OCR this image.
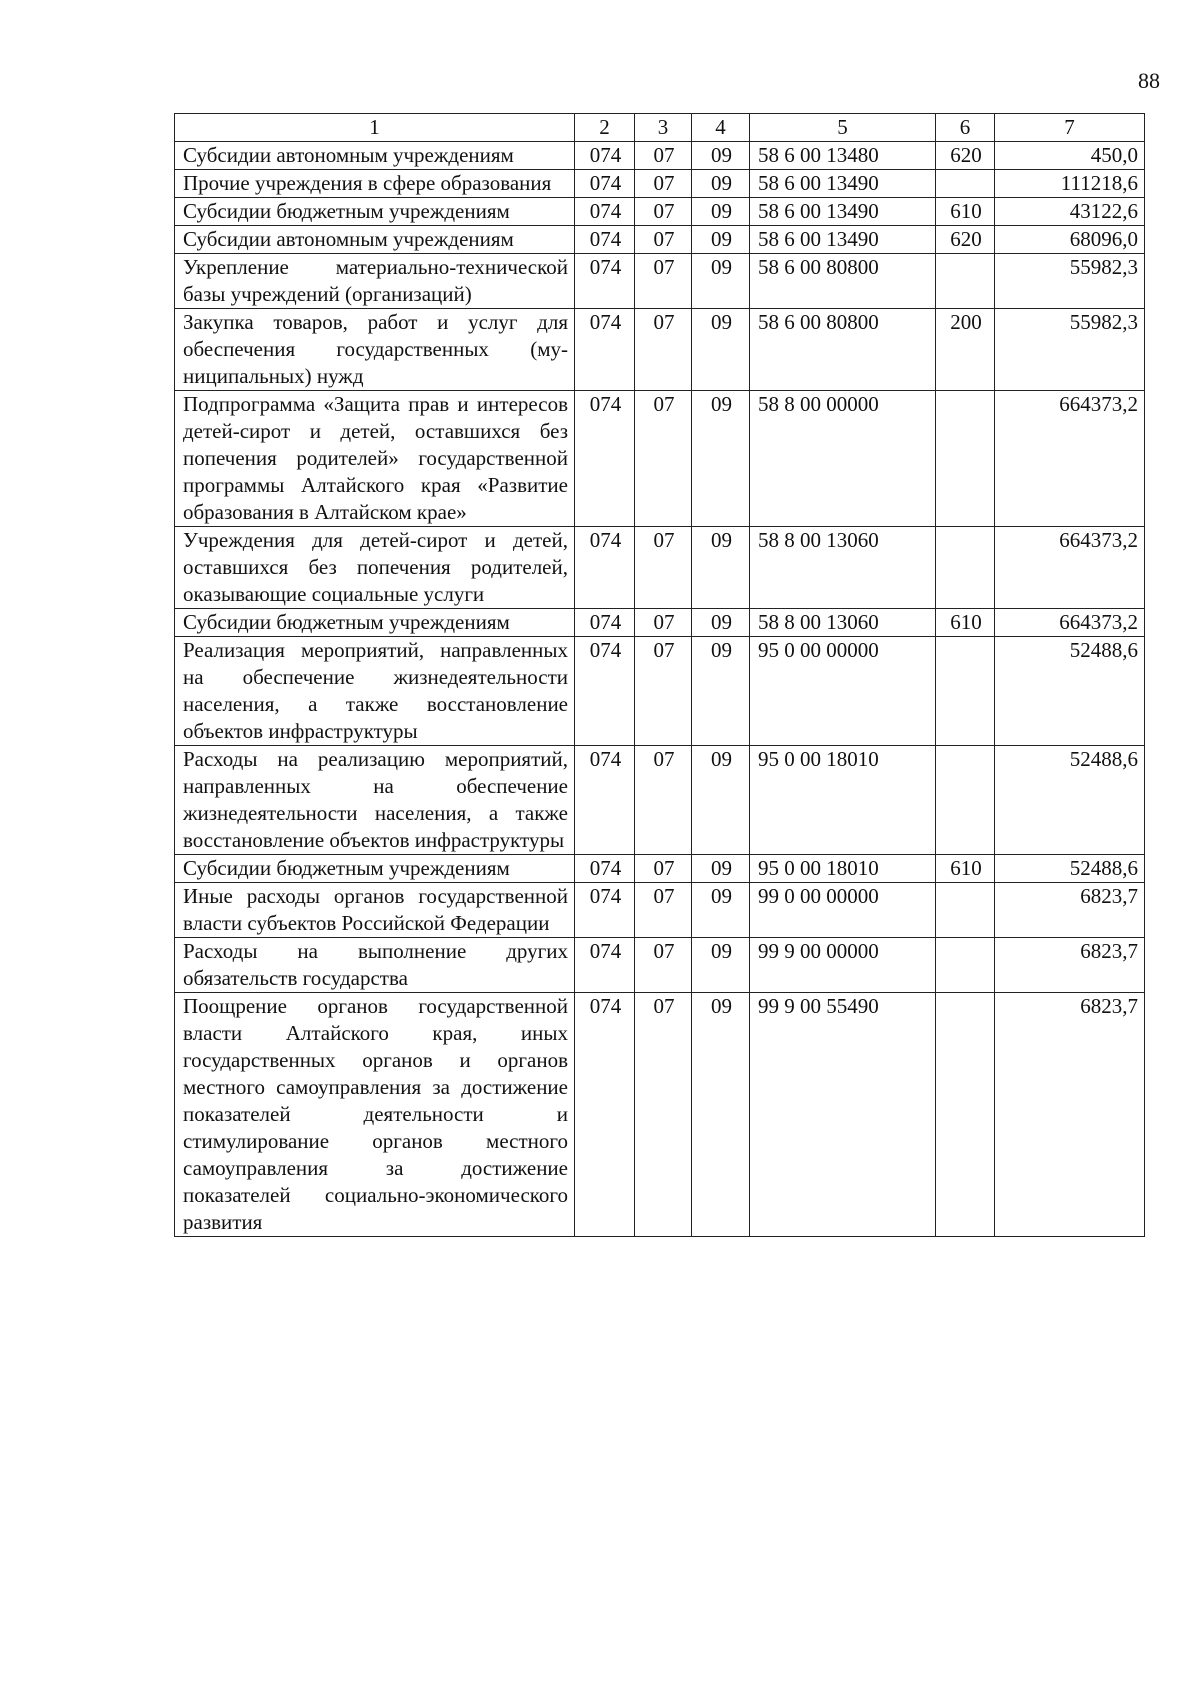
88
1	2	3	4	5	6	7
Субсидии автономным учреждениям	074	07	09	58 6 00 13480	620	450,0
Прочие учреждения в сфере образования	074	07	09	58 6 00 13490		111218,6
Субсидии бюджетным учреждениям	074	07	09	58 6 00 13490	610	43122,6
Субсидии автономным учреждениям	074	07	09	58 6 00 13490	620	68096,0
Укрепление материально-технической базы учреждений (организаций)	074	07	09	58 6 00 80800		55982,3
Закупка товаров, работ и услуг для обеспечения государственных (муниципальных) нужд	074	07	09	58 6 00 80800	200	55982,3
Подпрограмма «Защита прав и интересов детей-сирот и детей, оставшихся без попечения родителей» государственной программы Алтайского края «Развитие образования в Алтайском крае»	074	07	09	58 8 00 00000		664373,2
Учреждения для детей-сирот и детей, оставшихся без попечения родителей, оказывающие социальные услуги	074	07	09	58 8 00 13060		664373,2
Субсидии бюджетным учреждениям	074	07	09	58 8 00 13060	610	664373,2
Реализация мероприятий, направленных на обеспечение жизнедеятельности населения, а также восстановление объектов инфраструктуры	074	07	09	95 0 00 00000		52488,6
Расходы на реализацию мероприятий, направленных на обеспечение жизнедеятельности населения, а также восстановление объектов инфраструктуры	074	07	09	95 0 00 18010		52488,6
Субсидии бюджетным учреждениям	074	07	09	95 0 00 18010	610	52488,6
Иные расходы органов государственной власти субъектов Российской Федерации	074	07	09	99 0 00 00000		6823,7
Расходы на выполнение других обязательств государства	074	07	09	99 9 00 00000		6823,7
Поощрение органов государственной власти Алтайского края, иных государственных органов и органов местного самоуправления за достижение показателей деятельности и стимулирование органов местного самоуправления за достижение показателей социально-экономического развития	074	07	09	99 9 00 55490		6823,7
